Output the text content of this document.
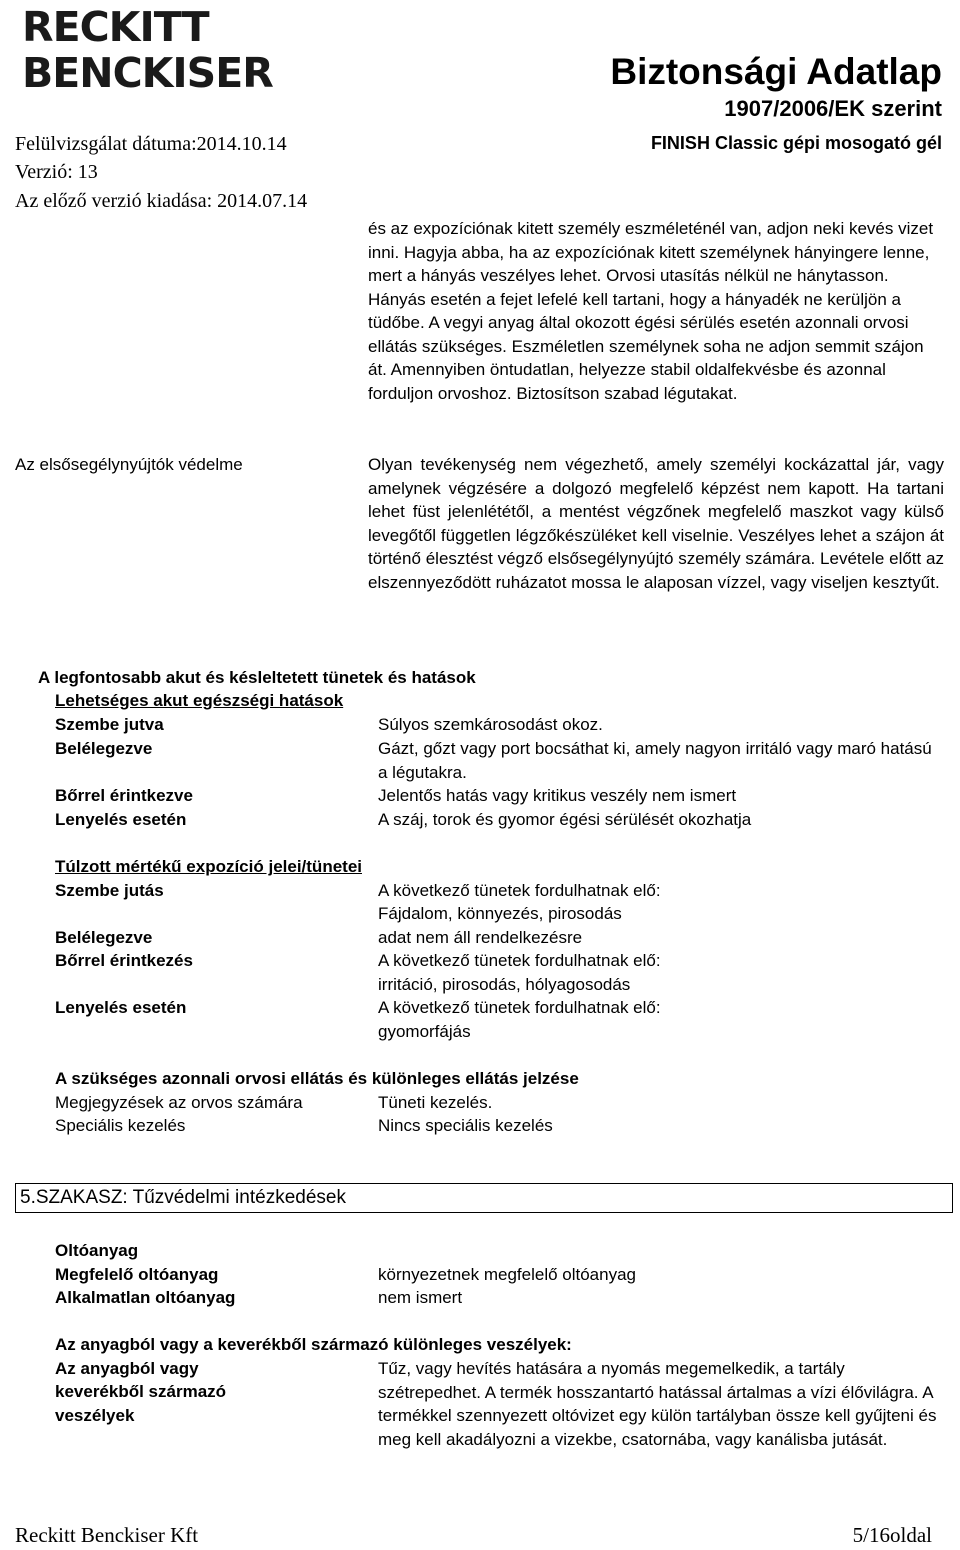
RECKITT
BENCKISER	Biztonsági Adatlap
1907/2006/EK szerint
FINISH Classic gépi mosogató gél
Felülvizsgálat dátuma:2014.10.14
Verzió: 13
Az előző verzió kiadása: 2014.07.14

és az expozíciónak kitett személy eszméleténél van, adjon neki kevés vizet inni. Hagyja abba, ha az expozíciónak kitett személynek hányingere lenne, mert a hányás veszélyes lehet. Orvosi utasítás nélkül ne hánytasson. Hányás esetén a fejet lefelé kell tartani, hogy a hányadék ne kerüljön a tüdőbe. A vegyi anyag által okozott égési sérülés esetén azonnali orvosi ellátás szükséges. Eszméletlen személynek soha ne adjon semmit szájon át. Amennyiben öntudatlan, helyezze stabil oldalfekvésbe és azonnal forduljon orvoshoz. Biztosítson szabad légutakat.

Az elsősegélynyújtók védelme	Olyan tevékenység nem végezhető, amely személyi kockázattal jár, vagy amelynek végzésére a dolgozó megfelelő képzést nem kapott. Ha tartani lehet füst jelenlététől, a mentést végzőnek megfelelő maszkot vagy külső levegőtől független légzőkészüléket kell viselnie. Veszélyes lehet a szájon át történő élesztést végző elsősegélynyújtó személy számára. Levétele előtt az elszennyeződött ruházatot mossa le alaposan vízzel, vagy viseljen kesztyűt.

A legfontosabb akut és késleltetett tünetek és hatások
Lehetséges akut egészségi hatások
Szembe jutva	Súlyos szemkárosodást okoz.
Belélegezve	Gázt, gőzt vagy port bocsáthat ki, amely nagyon irritáló vagy maró hatású a légutakra.

Bőrrel érintkezve	Jelentős hatás vagy kritikus veszély nem ismert
Lenyelés esetén	A száj, torok és gyomor égési sérülését okozhatja
Túlzott mértékű expozíció jelei/tünetei
Szembe jutás	A következő tünetek fordulhatnak elő:
Fájdalom, könnyezés, pirosodás
Belélegezve	adat nem áll rendelkezésre
Bőrrel érintkezés	A következő tünetek fordulhatnak elő:
irritáció, pirosodás, hólyagosodás
Lenyelés esetén	A következő tünetek fordulhatnak elő:
gyomorfájás
A szükséges azonnali orvosi ellátás és különleges ellátás jelzése
Megjegyzések az orvos számára	Tüneti kezelés.
Speciális kezelés	Nincs speciális kezelés
5.SZAKASZ: Tűzvédelmi intézkedések
Oltóanyag
Megfelelő oltóanyag	környezetnek megfelelő oltóanyag
Alkalmatlan oltóanyag	nem ismert
Az anyagból vagy a keverékből származó különleges veszélyek:
Az anyagból vagy
keverékből származó
veszélyek

Tűz, vagy hevítés hatására a nyomás megemelkedik, a tartály szétrepedhet. A termék hosszantartó hatással ártalmas a vízi élővilágra. A termékkel szennyezett oltóvizet egy külön tartályban össze kell gyűjteni és meg kell akadályozni a vizekbe, csatornába, vagy kanálisba jutását.

Reckitt Benckiser Kft	5/16oldal
